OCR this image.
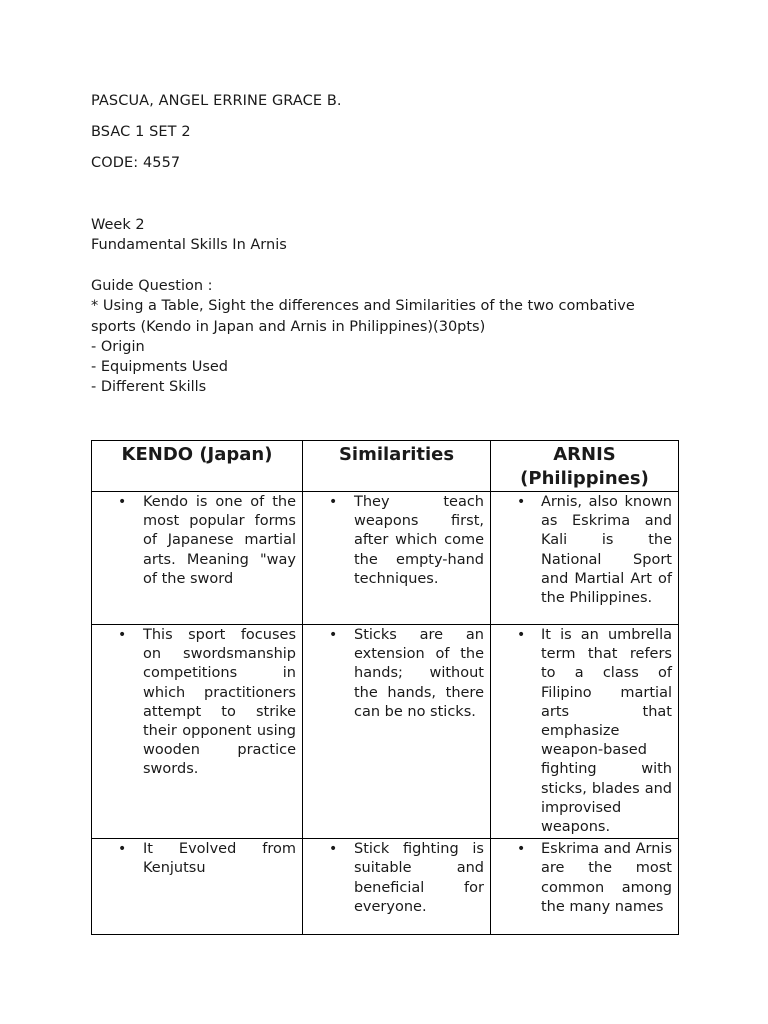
PASCUA, ANGEL ERRINE GRACE B.
BSAC 1 SET 2
CODE: 4557
Week 2
Fundamental Skills In Arnis
Guide Question :
* Using a Table, Sight the differences and Similarities of the two combative
sports (Kendo in Japan and Arnis in Philippines)(30pts)
- Origin
- Equipments Used
- Different Skills
KENDO (Japan)	Similarities	ARNIS (Philippines)

• Kendo is one of the most popular forms of Japanese martial arts. Meaning "way of the sword	• They teach weapons first, after which come the empty-hand techniques.	• Arnis, also known as Eskrima and Kali is the National Sport and Martial Art of the Philippines.

• This sport focuses on swordsmanship competitions in which practitioners attempt to strike their opponent using wooden practice swords.	• Sticks are an extension of the hands; without the hands, there can be no sticks.	• It is an umbrella term that refers to a class of Filipino martial arts that emphasize weapon-based fighting with sticks, blades and improvised weapons.

• It Evolved from Kenjutsu	• Stick fighting is suitable and beneficial for everyone.	• Eskrima and Arnis are the most common among the many names
